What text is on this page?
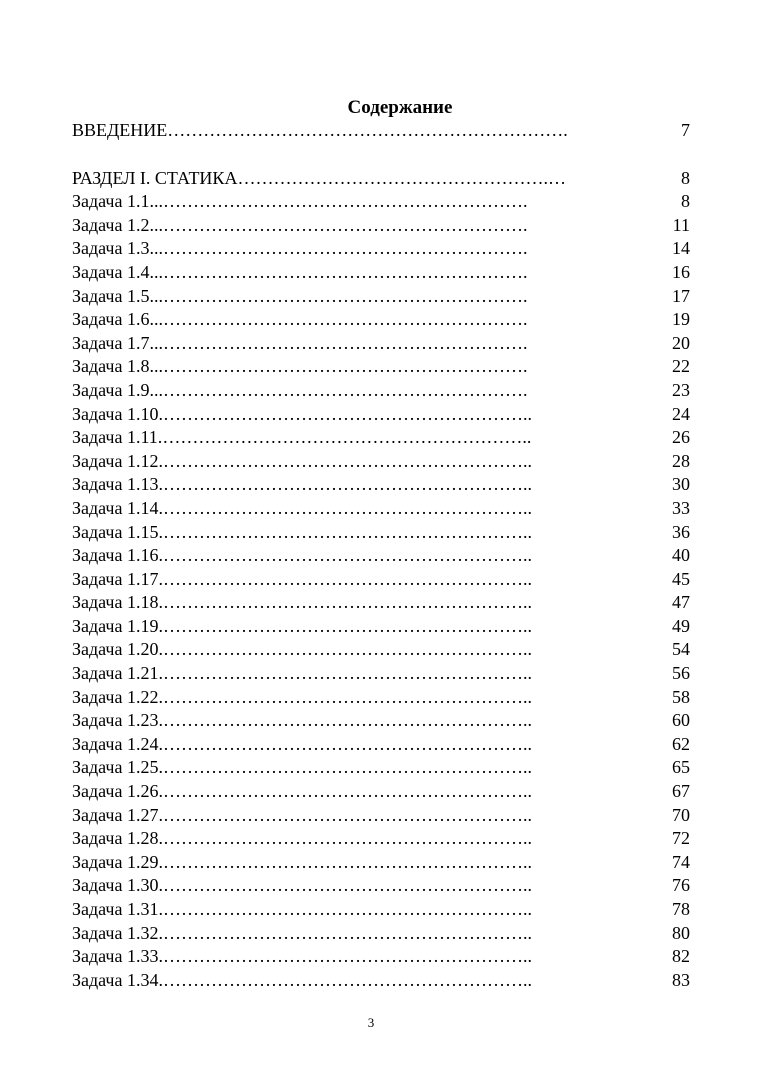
Содержание
ВВЕДЕНИЕ ………………………………………………………….	7
РАЗДЕЛ I. СТАТИКА …………………………………………….…	8
Задача 1.1. ..…………………………………………………….	8
Задача 1.2. ..…………………………………………………….	11
Задача 1.3. ..…………………………………………………….	14
Задача 1.4. ..…………………………………………………….	16
Задача 1.5. ..…………………………………………………….	17
Задача 1.6. ..…………………………………………………….	19
Задача 1.7. ..…………………………………………………….	20
Задача 1.8. ..…………………………………………………….	22
Задача 1.9. ..…………………………………………………….	23
Задача 1.10. ……………………………………………………..	24
Задача 1.11. ……………………………………………………..	26
Задача 1.12. ……………………………………………………..	28
Задача 1.13. ……………………………………………………..	30
Задача 1.14. ……………………………………………………..	33
Задача 1.15. ……………………………………………………..	36
Задача 1.16. ……………………………………………………..	40
Задача 1.17. ……………………………………………………..	45
Задача 1.18. ……………………………………………………..	47
Задача 1.19. ……………………………………………………..	49
Задача 1.20. ……………………………………………………..	54
Задача 1.21. ……………………………………………………..	56
Задача 1.22. ……………………………………………………..	58
Задача 1.23. ……………………………………………………..	60
Задача 1.24. ……………………………………………………..	62
Задача 1.25. ……………………………………………………..	65
Задача 1.26. ……………………………………………………..	67
Задача 1.27. ……………………………………………………..	70
Задача 1.28. ……………………………………………………..	72
Задача 1.29. ……………………………………………………..	74
Задача 1.30. ……………………………………………………..	76
Задача 1.31. ……………………………………………………..	78
Задача 1.32. ……………………………………………………..	80
Задача 1.33. ……………………………………………………..	82
Задача 1.34. ……………………………………………………..	83
3
